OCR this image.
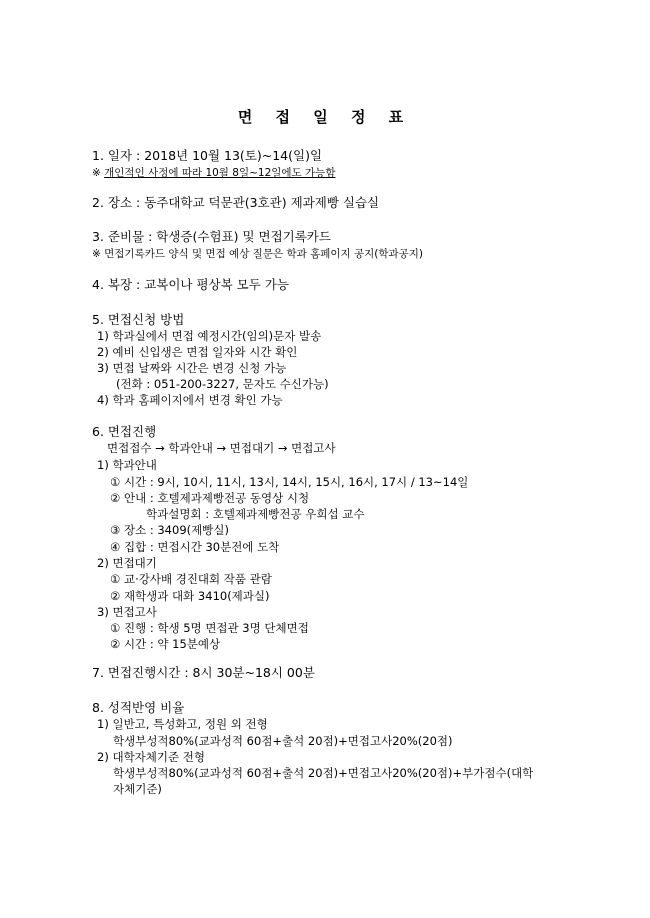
면 접 일 정 표
1. 일자 : 2018년 10월 13(토)~14(일)일
※ 개인적인 사정에 따라 10월 8일~12일에도 가능함
2. 장소 : 동주대학교 덕문관(3호관) 제과제빵 실습실
3. 준비물 : 학생증(수험표) 및 면접기록카드
※ 면접기록카드 양식 및 면접 예상 질문은 학과 홈페이지 공지(학과공지)
4. 복장 : 교복이나 평상복 모두 가능
5. 면접신청 방법
1) 학과실에서 면접 예정시간(임의)문자 발송
2) 예비 신입생은 면접 일자와 시간 확인
3) 면접 날짜와 시간은 변경 신청 가능
(전화 : 051-200-3227, 문자도 수신가능)
4) 학과 홈페이지에서 변경 확인 가능
6. 면접진행
면접접수 → 학과안내 → 면접대기 → 면접고사
1) 학과안내
① 시간 : 9시, 10시, 11시, 13시, 14시, 15시, 16시, 17시 / 13~14일
② 안내 : 호텔제과제빵전공 동영상 시청
학과설명회 : 호텔제과제빵전공 우희섭 교수
③ 장소 : 3409(제빵실)
④ 집합 : 면접시간 30분전에 도착
2) 면접대기
① 교·강사배 경진대회 작품 관람
② 재학생과 대화 3410(제과실)
3) 면접고사
① 진행 : 학생 5명 면접관 3명 단체면접
② 시간 : 약 15분예상
7. 면접진행시간 : 8시 30분~18시 00분
8. 성적반영 비율
1) 일반고, 특성화고, 정원 외 전형
학생부성적80%(교과성적 60점+출석 20점)+면접고사20%(20점)
2) 대학자체기준 전형
학생부성적80%(교과성적 60점+출석 20점)+면접고사20%(20점)+부가점수(대학
자체기준)
